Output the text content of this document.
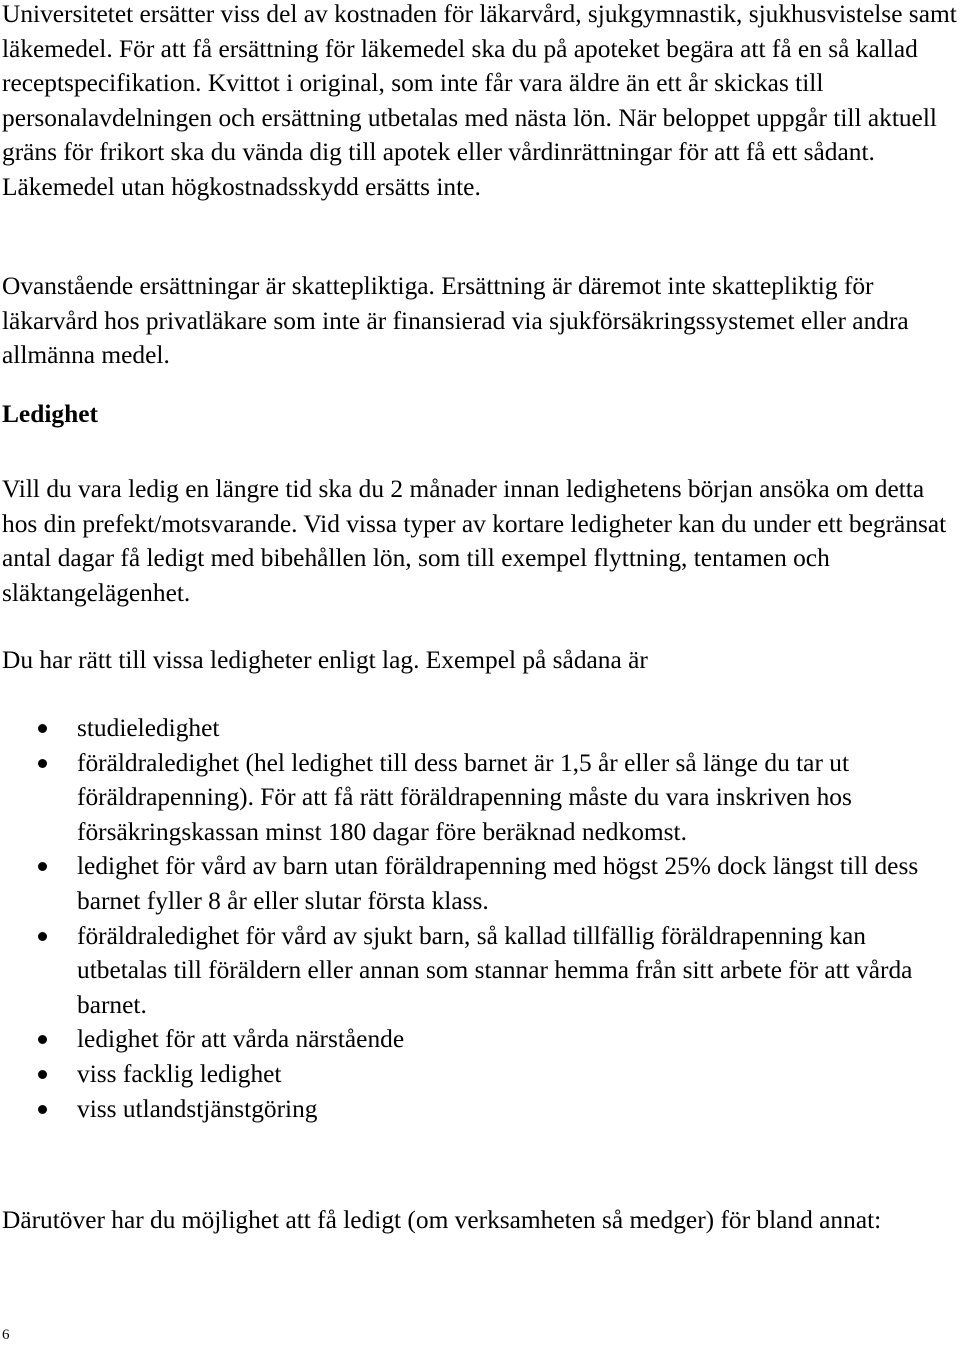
Universitetet ersätter viss del av kostnaden för läkarvård, sjukgymnastik, sjukhusvistelse samt läkemedel. För att få ersättning för läkemedel ska du på apoteket begära att få en så kallad receptspecifikation. Kvittot i original, som inte får vara äldre än ett år skickas till personalavdelningen och ersättning utbetalas med nästa lön. När beloppet uppgår till aktuell gräns för frikort ska du vända dig till apotek eller vårdinrättningar för att få ett sådant. Läkemedel utan högkostnadsskydd ersätts inte.

Ovanstående ersättningar är skattepliktiga. Ersättning är däremot inte skattepliktig för läkarvård hos privatläkare som inte är finansierad via sjukförsäkringssystemet eller andra allmänna medel.

Ledighet

Vill du vara ledig en längre tid ska du 2 månader innan ledighetens början ansöka om detta hos din prefekt/motsvarande. Vid vissa typer av kortare ledigheter kan du under ett begränsat antal dagar få ledigt med bibehållen lön, som till exempel flyttning, tentamen och släktangelägenhet.

Du har rätt till vissa ledigheter enligt lag. Exempel på sådana är

studieledighet
föräldraledighet (hel ledighet till dess barnet är 1,5 år eller så länge du tar ut föräldrapenning). För att få rätt föräldrapenning måste du vara inskriven hos försäkringskassan minst 180 dagar före beräknad nedkomst.
ledighet för vård av barn utan föräldrapenning med högst 25% dock längst till dess barnet fyller 8 år eller slutar första klass.
föräldraledighet för vård av sjukt barn, så kallad tillfällig föräldrapenning kan utbetalas till föräldern eller annan som stannar hemma från sitt arbete för att vårda barnet.
ledighet för att vårda närstående
viss facklig ledighet
viss utlandstjänstgöring

Därutöver har du möjlighet att få ledigt (om verksamheten så medger) för bland annat:

6
